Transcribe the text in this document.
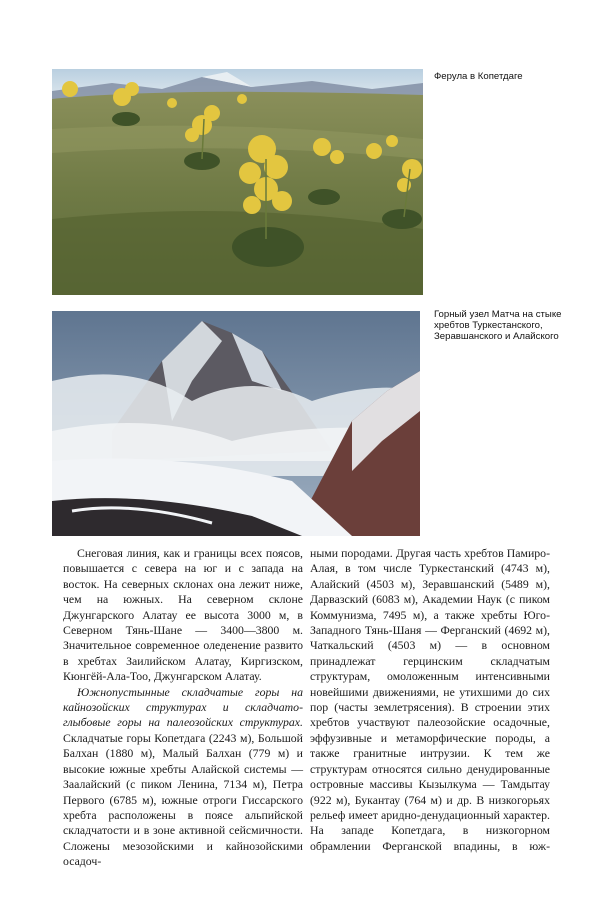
Ферула в Копетдаге
Горный узел Матча на стыке хребтов Туркестанского, Зеравшанского и Алайского

Снеговая линия, как и границы всех поясов, повышается с севера на юг и с запада на восток. На северных склонах она лежит ниже, чем на южных. На северном склоне Джунгарского Алатау ее высота 3000 м, в Северном Тянь-Шане — 3400—3800 м. Значительное современное оледенение развито в хребтах Заилийском Алатау, Киргизском, Кюнгёй-Ала-Тоо, Джунгарском Алатау.

Южнопустынные складчатые горы на кайнозойских структурах и складчато-глыбовые горы на палеозойских структурах. Складчатые горы Копетдага (2243 м), Большой Балхан (1880 м), Малый Балхан (779 м) и высокие южные хребты Алайской системы — Заалайский (с пиком Ленина, 7134 м), Петра Первого (6785 м), южные отроги Гиссарского хребта расположены в поясе альпийской складчатости и в зоне активной сейсмичности. Сложены мезозойскими и кайнозойскими осадоч-

ными породами. Другая часть хребтов Памиро-Алая, в том числе Туркестанский (4743 м), Алайский (4503 м), Зеравшанский (5489 м), Дарвазский (6083 м), Академии Наук (с пиком Коммунизма, 7495 м), а также хребты Юго-Западного Тянь-Шаня — Ферганский (4692 м), Чаткальский (4503 м) — в основном принадлежат герцинским складчатым структурам, омоложенным интенсивными новейшими движениями, не утихшими до сих пор (часты землетрясения). В строении этих хребтов участвуют палеозойские осадочные, эффузивные и метаморфические породы, а также гранитные интрузии. К тем же структурам относятся сильно денудированные островные массивы Кызылкума — Тамдытау (922 м), Букантау (764 м) и др. В низкогорьях рельеф имеет аридно-денудационный характер. На западе Копетдага, в низкогорном обрамлении Ферганской впадины, в юж-
